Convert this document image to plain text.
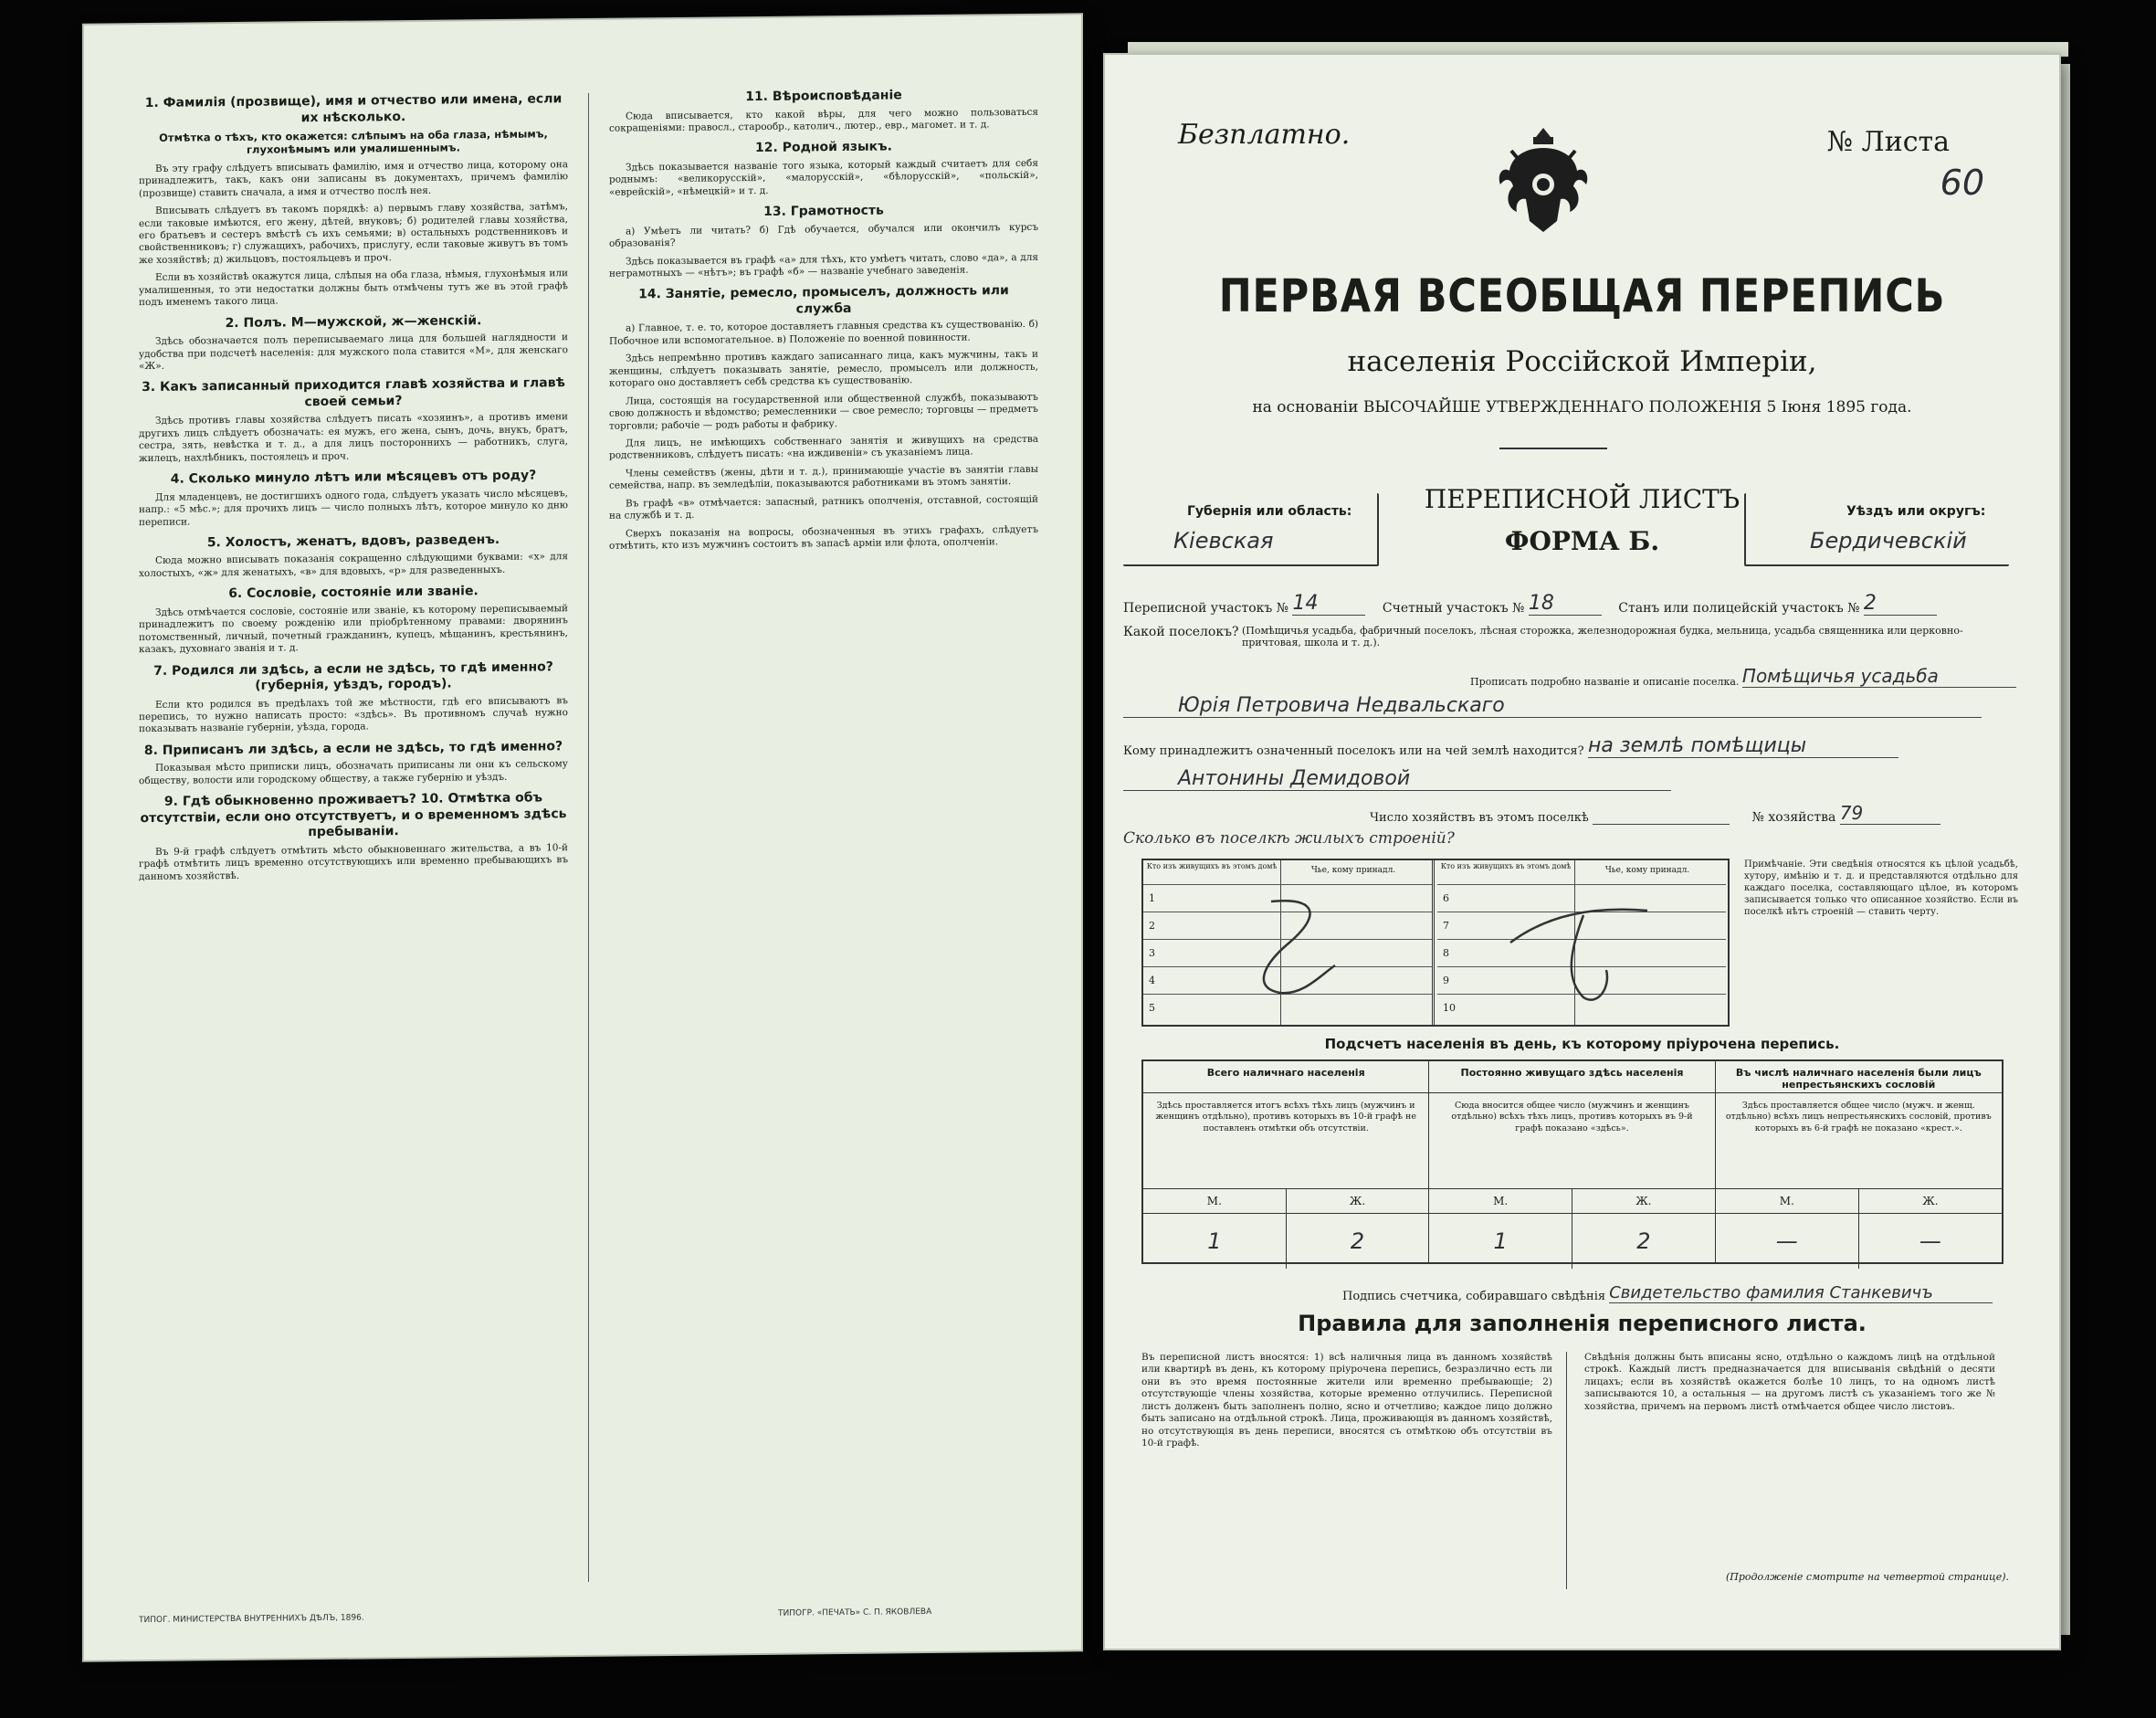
1. Фамилія (прозвище), имя и отчество или имена, если их нѣсколько.
Отмѣтка о тѣхъ, кто окажется: слѣпымъ на оба глаза, нѣмымъ, глухонѣмымъ или умалишеннымъ.

Въ эту графу слѣдуетъ вписывать фамилію, имя и отчество лица, которому она принадлежитъ, такъ, какъ они записаны въ документахъ, причемъ фамилію (прозвище) ставить сначала, а имя и отчество послѣ нея.

Вписывать слѣдуетъ въ такомъ порядкѣ: а) первымъ главу хозяйства, затѣмъ, если таковые имѣются, его жену, дѣтей, внуковъ; б) родителей главы хозяйства, его братьевъ и сестеръ вмѣстѣ съ ихъ семьями; в) остальныхъ родственниковъ и свойственниковъ; г) служащихъ, рабочихъ, прислугу, если таковые живутъ въ томъ же хозяйствѣ; д) жильцовъ, постояльцевъ и проч.

Если въ хозяйствѣ окажутся лица, слѣпыя на оба глаза, нѣмыя, глухонѣмыя или умалишенныя, то эти недостатки должны быть отмѣчены тутъ же въ этой графѣ подъ именемъ такого лица.

2. Полъ. М—мужской, ж—женскій.

Здѣсь обозначается полъ переписываемаго лица для большей наглядности и удобства при подсчетѣ населенія: для мужского пола ставится «М», для женскаго «Ж».

3. Какъ записанный приходится главѣ хозяйства и главѣ своей семьи?

Здѣсь противъ главы хозяйства слѣдуетъ писать «хозяинъ», а противъ имени другихъ лицъ слѣдуетъ обозначать: ея мужъ, его жена, сынъ, дочь, внукъ, братъ, сестра, зять, невѣстка и т. д., а для лицъ постороннихъ — работникъ, слуга, жилецъ, нахлѣбникъ, постоялецъ и проч.

4. Сколько минуло лѣтъ или мѣсяцевъ отъ роду?

Для младенцевъ, не достигшихъ одного года, слѣдуетъ указать число мѣсяцевъ, напр.: «5 мѣс.»; для прочихъ лицъ — число полныхъ лѣтъ, которое минуло ко дню переписи.

5. Холостъ, женатъ, вдовъ, разведенъ.

Сюда можно вписывать показанія сокращенно слѣдующими буквами: «х» для холостыхъ, «ж» для женатыхъ, «в» для вдовыхъ, «р» для разведенныхъ.

6. Сословіе, состояніе или званіе.

Здѣсь отмѣчается сословіе, состояніе или званіе, къ которому переписываемый принадлежитъ по своему рожденію или пріобрѣтенному правами: дворянинъ потомственный, личный, почетный гражданинъ, купецъ, мѣщанинъ, крестьянинъ, казакъ, духовнаго званія и т. д.

7. Родился ли здѣсь, а если не здѣсь, то гдѣ именно? (губернія, уѣздъ, городъ).

Если кто родился въ предѣлахъ той же мѣстности, гдѣ его вписываютъ въ перепись, то нужно написать просто: «здѣсь». Въ противномъ случаѣ нужно показывать названіе губерніи, уѣзда, города.

8. Приписанъ ли здѣсь, а если не здѣсь, то гдѣ именно?

Показывая мѣсто приписки лицъ, обозначать приписаны ли они къ сельскому обществу, волости или городскому обществу, а также губернію и уѣздъ.

9. Гдѣ обыкновенно проживаетъ? 10. Отмѣтка объ отсутствіи, если оно отсутствуетъ, и о временномъ здѣсь пребываніи.

Въ 9-й графѣ слѣдуетъ отмѣтить мѣсто обыкновеннаго жительства, а въ 10-й графѣ отмѣтить лицъ временно отсутствующихъ или временно пребывающихъ въ данномъ хозяйствѣ.

11. Вѣроисповѣданіе

Сюда вписывается, кто какой вѣры, для чего можно пользоваться сокращеніями: правосл., старообр., католич., лютер., евр., магомет. и т. д.

12. Родной языкъ.

Здѣсь показывается названіе того языка, который каждый считаетъ для себя роднымъ: «великорусскій», «малорусскій», «бѣлорусскій», «польскій», «еврейскій», «нѣмецкій» и т. д.

13. Грамотность

а) Умѣетъ ли читать? б) Гдѣ обучается, обучался или окончилъ курсъ образованія?

Здѣсь показывается въ графѣ «а» для тѣхъ, кто умѣетъ читать, слово «да», а для неграмотныхъ — «нѣтъ»; въ графѣ «б» — названіе учебнаго заведенія.

14. Занятіе, ремесло, промыселъ, должность или служба

а) Главное, т. е. то, которое доставляетъ главныя средства къ существованію. б) Побочное или вспомогательное. в) Положеніе по военной повинности.

Здѣсь непремѣнно противъ каждаго записаннаго лица, какъ мужчины, такъ и женщины, слѣдуетъ показывать занятіе, ремесло, промыселъ или должность, котораго оно доставляетъ себѣ средства къ существованію.

Лица, состоящія на государственной или общественной службѣ, показываютъ свою должность и вѣдомство; ремесленники — свое ремесло; торговцы — предметъ торговли; рабочіе — родъ работы и фабрику.

Для лицъ, не имѣющихъ собственнаго занятія и живущихъ на средства родственниковъ, слѣдуетъ писать: «на иждивеніи» съ указаніемъ лица.

Члены семействъ (жены, дѣти и т. д.), принимающіе участіе въ занятіи главы семейства, напр. въ земледѣліи, показываются работниками въ этомъ занятіи.

Въ графѣ «в» отмѣчается: запасный, ратникъ ополченія, отставной, состоящій на службѣ и т. д.

Сверхъ показанія на вопросы, обозначенныя въ этихъ графахъ, слѣдуетъ отмѣтить, кто изъ мужчинъ состоитъ въ запасѣ арміи или флота, ополченіи.

ТИПОГ. МИНИСТЕРСТВА ВНУТРЕННИХЪ ДѢЛЪ, 1896.
ТИПОГР. «ПЕЧАТЬ» С. П. ЯКОВЛЕВА
Безплатно.	№ Листа
60
ПЕРВАЯ ВСЕОБЩАЯ ПЕРЕПИСЬ
населенія Россійской Имперіи,
на основаніи ВЫСОЧАЙШЕ УТВЕРЖДЕННАГО ПОЛОЖЕНІЯ 5 Іюня 1895 года.
Губернія или область:
Кіевская
ПЕРЕПИСНОЙ ЛИСТЪ
ФОРМА Б.
Уѣздъ или округъ:
Бердичевскій
Переписной участокъ № 14	Счетный участокъ № 18	Станъ или полицейскій участокъ № 2
Какой поселокъ? (Помѣщичья усадьба, фабричный поселокъ, лѣсная сторожка, железнодорожная будка, мельница, усадьба священника или церковно-причтовая, школа и т. д.).
Прописать подробно названіе и описаніе поселка. Помѣщичья усадьба
Юрія Петровича Недвальскаго
Кому принадлежитъ означенный поселокъ или на чей землѣ находится? на землѣ помѣщицы
Антонины Демидовой
Число хозяйствъ въ этомъ поселкѣ	№ хозяйства 79
Сколько въ поселкѣ жилыхъ строеній?
Кто изъ живущихъ въ этомъ домѣ	Чье, кому принадл.
1
2
3
4
5
Кто изъ живущихъ въ этомъ домѣ	Чье, кому принадл.
6
7
8
9
10
Примѣчаніе. Эти сведѣнія относятся къ цѣлой усадьбѣ, хутору, имѣнію и т. д. и представляются отдѣльно для каждаго поселка, составляющаго цѣлое, въ которомъ записывается только что описанное хозяйство. Если въ поселкѣ нѣтъ строеній — ставить черту.
Подсчетъ населенія въ день, къ которому пріурочена перепись.
Всего наличнаго населенія
Здѣсь проставляется итогъ всѣхъ тѣхъ лицъ (мужчинъ и женщинъ отдѣльно), противъ которыхъ въ 10-й графѣ не поставленъ отмѣтки объ отсутствіи.
М.	Ж.
1	2
Постоянно живущаго здѣсь населенія
Сюда вносится общее число (мужчинъ и женщинъ отдѣльно) всѣхъ тѣхъ лицъ, противъ которыхъ въ 9-й графѣ показано «здѣсь».
М.	Ж.
1	2
Въ числѣ наличнаго населенія были лицъ непрестьянскихъ сословій
Здѣсь проставляется общее число (мужч. и женщ. отдѣльно) всѣхъ лицъ непрестьянскихъ сословій, противъ которыхъ въ 6-й графѣ не показано «крест.».
М.	Ж.
—	—
Подпись счетчика, собиравшаго свѣдѣнія Свидетельство фамилия Станкевичъ
Правила для заполненія переписного листа.
Въ переписной листъ вносятся: 1) всѣ наличныя лица въ данномъ хозяйствѣ или квартирѣ въ день, къ которому пріурочена перепись, безразлично есть ли они въ это время постоянные жители или временно пребывающіе; 2) отсутствующіе члены хозяйства, которые временно отлучились. Переписной листъ долженъ быть заполненъ полно, ясно и отчетливо; каждое лицо должно быть записано на отдѣльной строкѣ. Лица, проживающія въ данномъ хозяйствѣ, но отсутствующія въ день переписи, вносятся съ отмѣткою объ отсутствіи въ 10-й графѣ.
Свѣдѣнія должны быть вписаны ясно, отдѣльно о каждомъ лицѣ на отдѣльной строкѣ. Каждый листъ предназначается для вписыванія свѣдѣній о десяти лицахъ; если въ хозяйствѣ окажется болѣе 10 лицъ, то на одномъ листѣ записываются 10, а остальныя — на другомъ листѣ съ указаніемъ того же № хозяйства, причемъ на первомъ листѣ отмѣчается общее число листовъ.
(Продолженіе смотрите на четвертой странице).
